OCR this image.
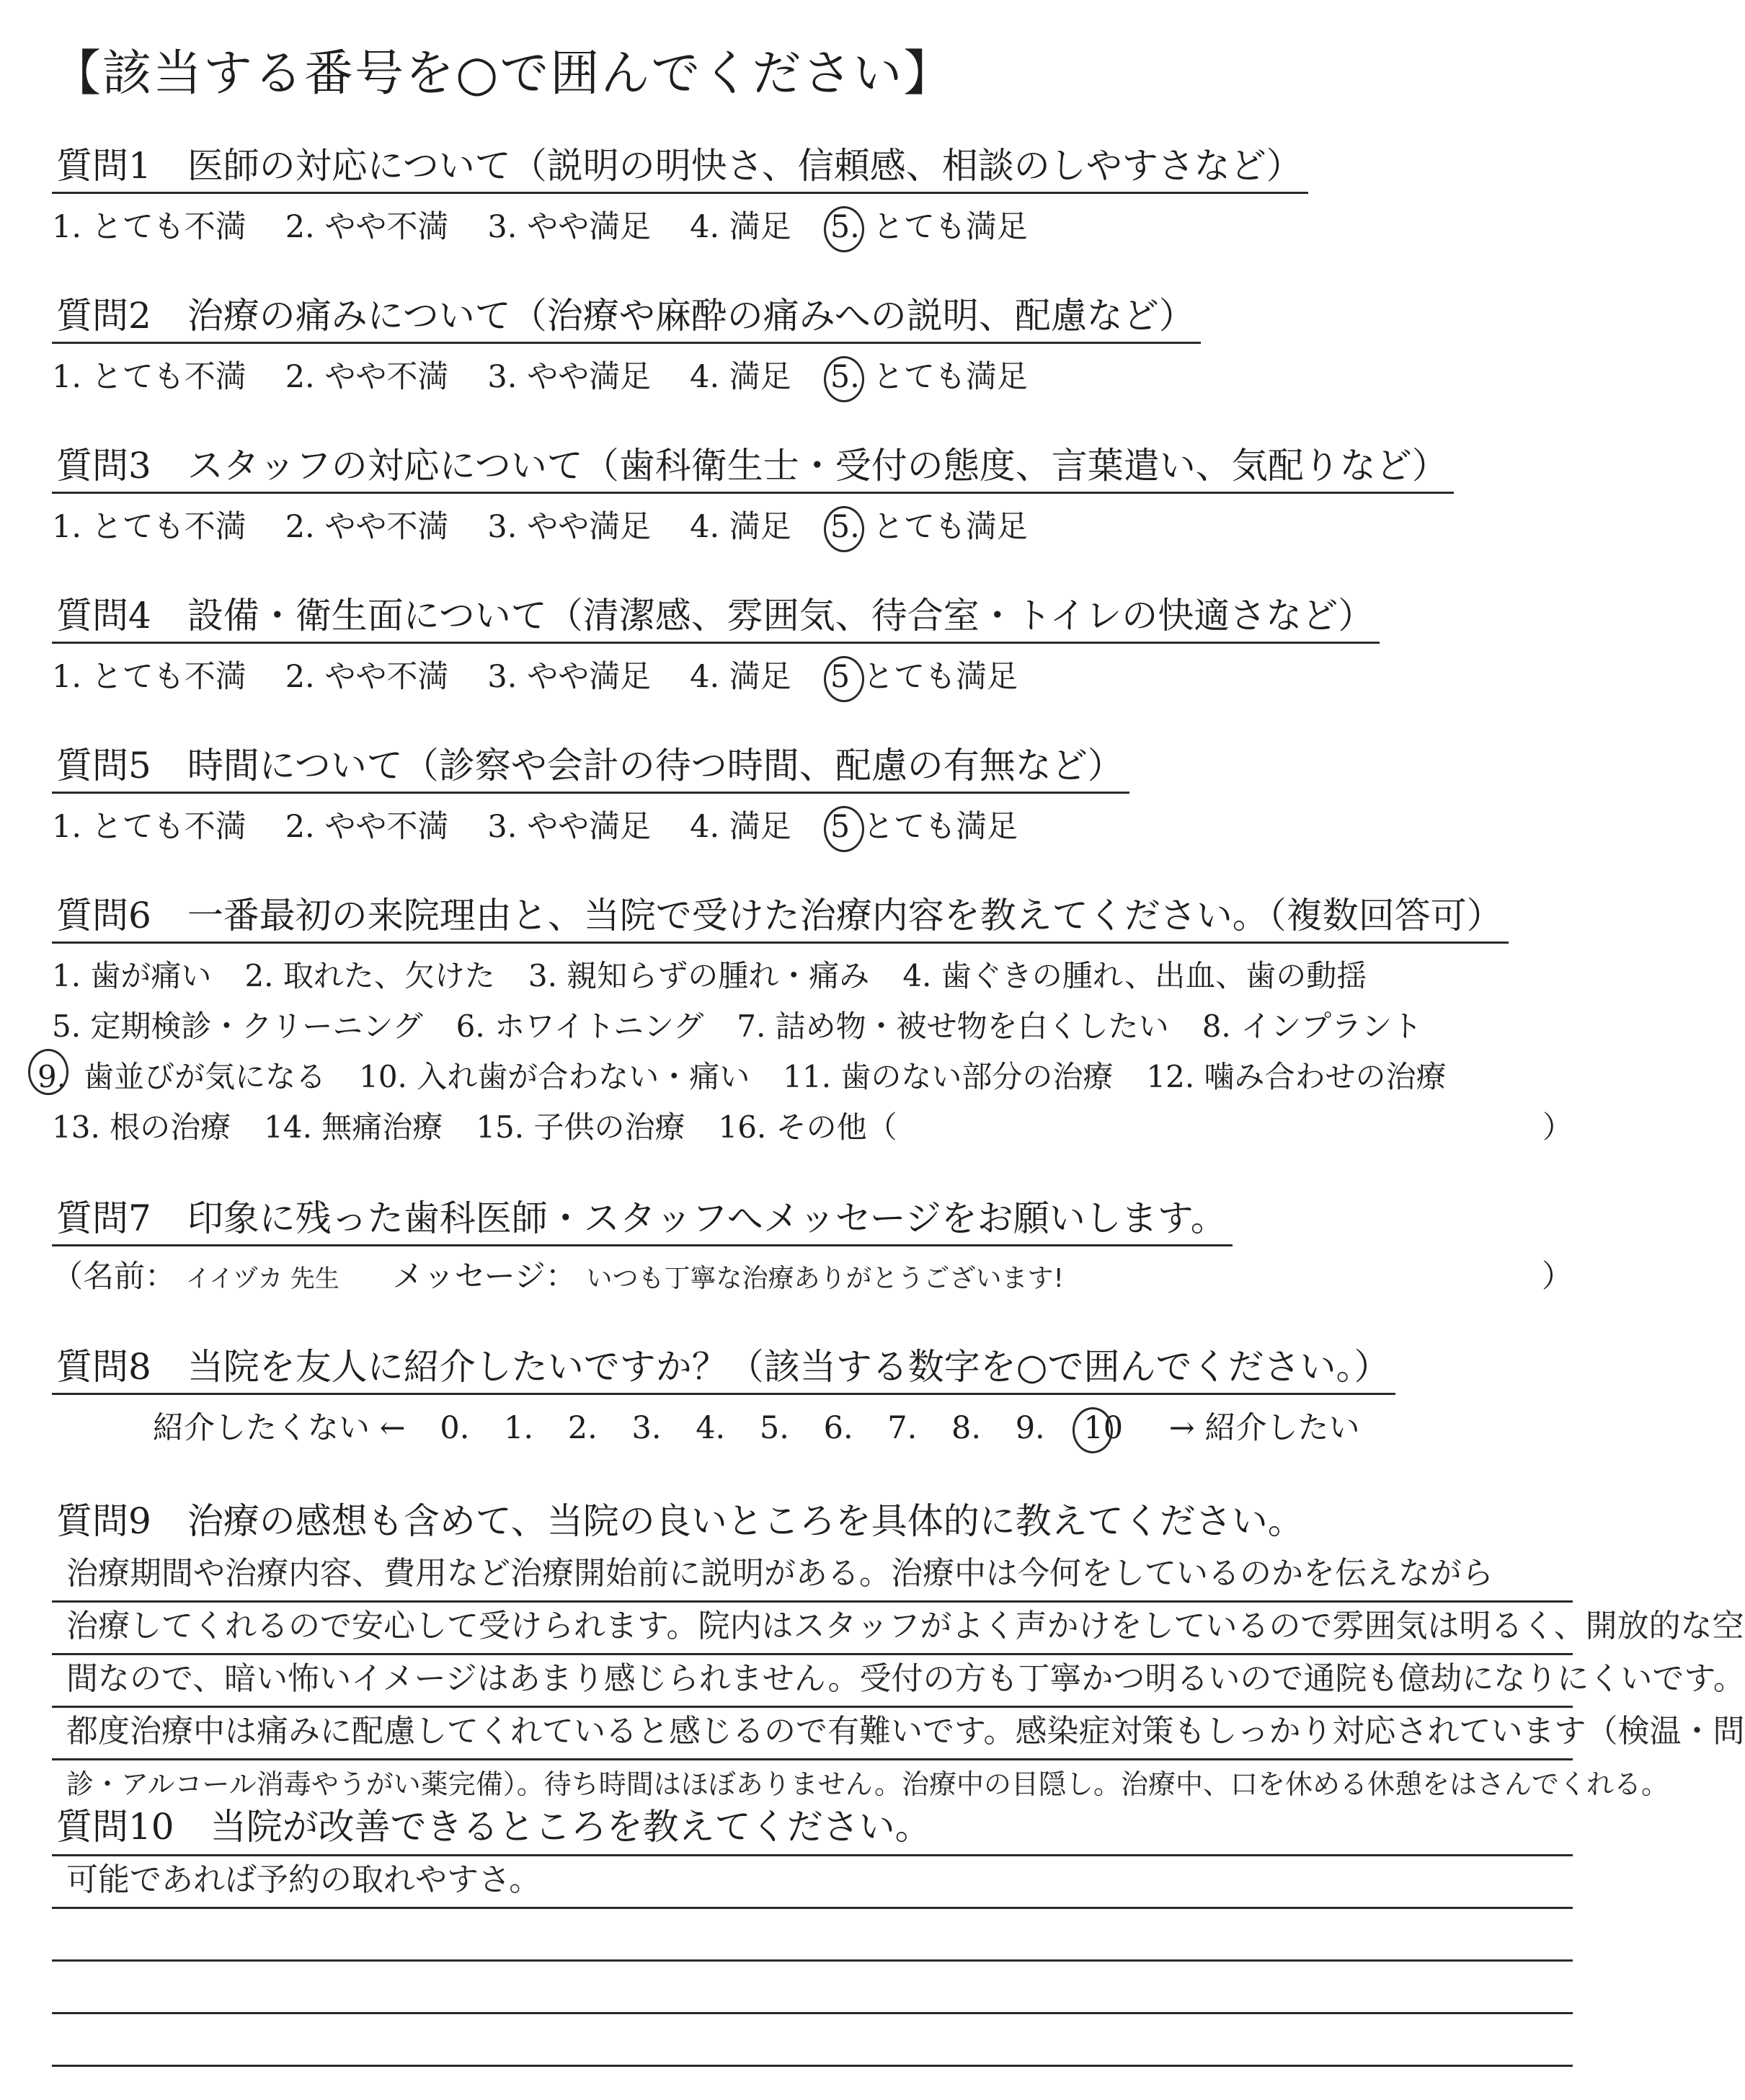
【該当する番号を○で囲んでください】
質問1 医師の対応について（説明の明快さ、信頼感、相談のしやすさなど）
1. とても不満 2. やや不満 3. やや満足 4. 満足 5. とても満足
質問2 治療の痛みについて（治療や麻酔の痛みへの説明、配慮など）
1. とても不満 2. やや不満 3. やや満足 4. 満足 5. とても満足
質問3 スタッフの対応について（歯科衛生士・受付の態度、言葉遣い、気配りなど）
1. とても不満 2. やや不満 3. やや満足 4. 満足 5. とても満足
質問4 設備・衛生面について（清潔感、雰囲気、待合室・トイレの快適さなど）
1. とても不満 2. やや不満 3. やや満足 4. 満足 5 とても満足
質問5 時間について（診察や会計の待つ時間、配慮の有無など）
1. とても不満 2. やや不満 3. やや満足 4. 満足 5 とても満足
質問6 一番最初の来院理由と、当院で受けた治療内容を教えてください。（複数回答可）
1. 歯が痛い 2. 取れた、欠けた 3. 親知らずの腫れ・痛み 4. 歯ぐきの腫れ、出血、歯の動揺
5. 定期検診・クリーニング 6. ホワイトニング 7. 詰め物・被せ物を白くしたい 8. インプラント
9. 歯並びが気になる 10. 入れ歯が合わない・痛い 11. 歯のない部分の治療 12. 噛み合わせの治療
13. 根の治療 14. 無痛治療 15. 子供の治療 16. その他（	）
質問7 印象に残った歯科医師・スタッフへメッセージをお願いします。
（名前： イイヅカ 先生 メッセージ： いつも丁寧な治療ありがとうございます!	）
質問8 当院を友人に紹介したいですか？（該当する数字を○で囲んでください。）
紹介したくない ← 0. 1. 2. 3. 4. 5. 6. 7. 8. 9. 10 → 紹介したい
質問9 治療の感想も含めて、当院の良いところを具体的に教えてください。
治療期間や治療内容、費用など治療開始前に説明がある。治療中は今何をしているのかを伝えながら
治療してくれるので安心して受けられます。院内はスタッフがよく声かけをしているので雰囲気は明るく、開放的な空
間なので、暗い怖いイメージはあまり感じられません。受付の方も丁寧かつ明るいので通院も億劫になりにくいです。
都度治療中は痛みに配慮してくれていると感じるので有難いです。感染症対策もしっかり対応されています（検温・問
診・アルコール消毒やうがい薬完備）。待ち時間はほぼありません。治療中の目隠し。治療中、口を休める休憩をはさんでくれる。
質問10 当院が改善できるところを教えてください。
可能であれば予約の取れやすさ。
